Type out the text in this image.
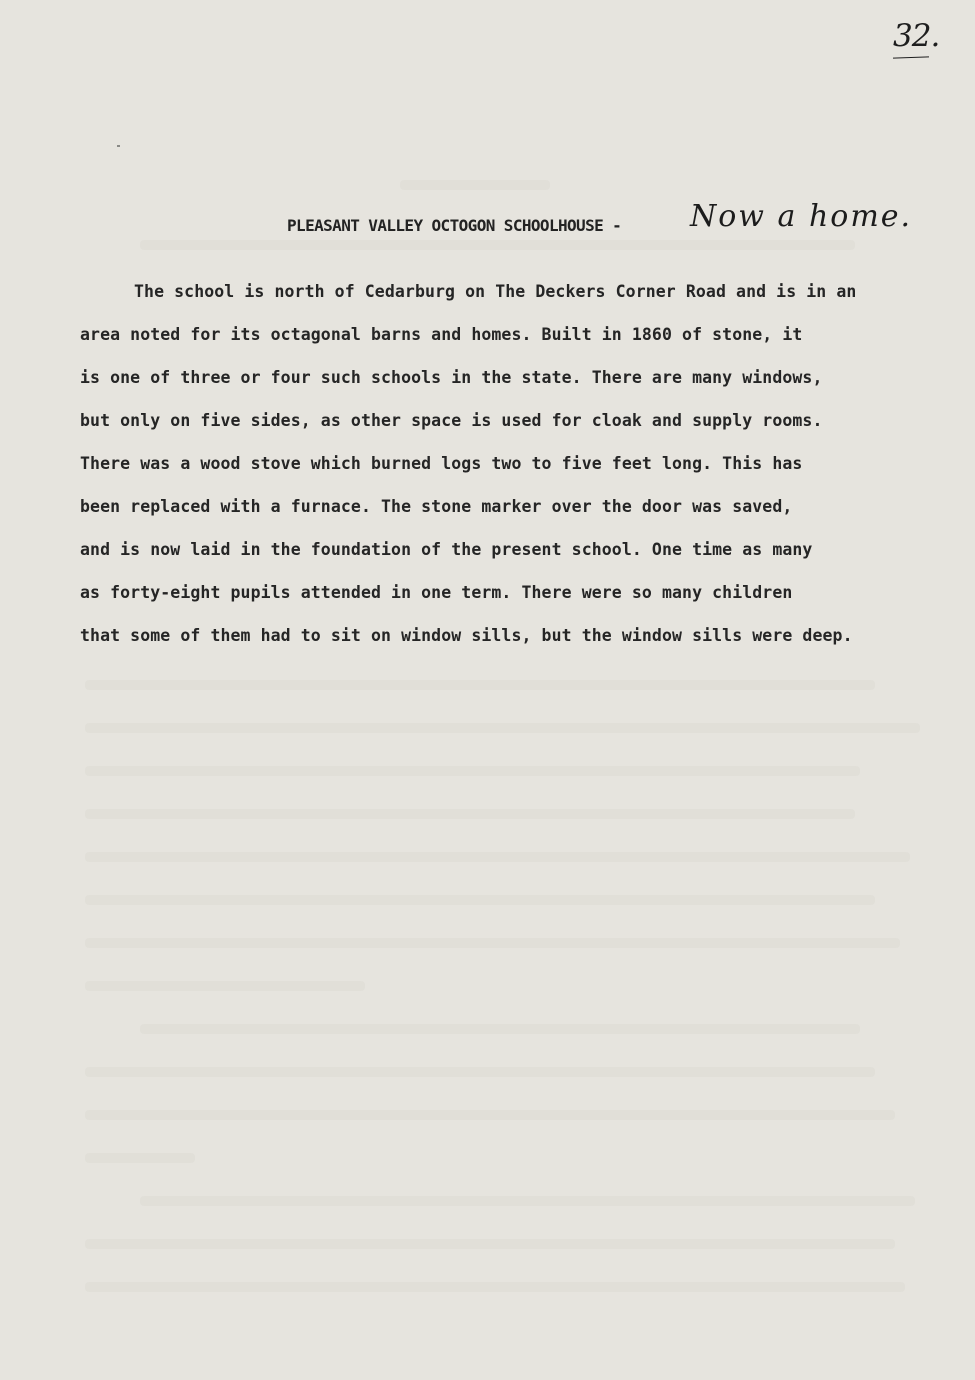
32.
PLEASANT VALLEY OCTOGON SCHOOLHOUSE - Now a home.
The school is north of Cedarburg on The Deckers Corner Road and is in an
area noted for its octagonal barns and homes. Built in 1860 of stone, it
is one of three or four such schools in the state. There are many windows,
but only on five sides, as other space is used for cloak and supply rooms.
There was a wood stove which burned logs two to five feet long. This has
been replaced with a furnace. The stone marker over the door was saved,
and is now laid in the foundation of the present school. One time as many
as forty-eight pupils attended in one term. There were so many children
that some of them had to sit on window sills, but the window sills were deep.
